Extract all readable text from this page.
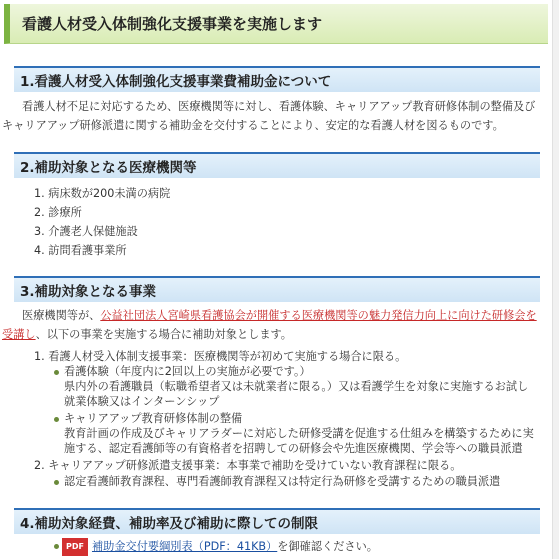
看護人材受入体制強化支援事業を実施します
1.看護人材受入体制強化支援事業費補助金について

看護人材不足に対応するため、医療機関等に対し、看護体験、キャリアアップ教育研修体制の整備及び
キャリアアップ研修派遣に関する補助金を交付することにより、安定的な看護人材を図るものです。

2.補助対象となる医療機関等
1. 病床数が200未満の病院
2. 診療所
3. 介護老人保健施設
4. 訪問看護事業所
3.補助対象となる事業

医療機関等が、公益社団法人宮崎県看護協会が開催する医療機関等の魅力発信力向上に向けた研修会を
受講し、以下の事業を実施する場合に補助対象とします。

1. 看護人材受入体制支援事業：医療機関等が初めて実施する場合に限る。
看護体験（年度内に2回以上の実施が必要です。）
県内外の看護職員（転職希望者又は未就業者に限る。）又は看護学生を対象に実施するお試し
就業体験又はインターンシップ
キャリアアップ教育研修体制の整備
教育計画の作成及びキャリアラダーに対応した研修受講を促進する仕組みを構築するために実
施する、認定看護師等の有資格者を招聘しての研修会や先進医療機関、学会等への職員派遣
2. キャリアアップ研修派遣支援事業：本事業で補助を受けていない教育課程に限る。
認定看護師教育課程、専門看護師教育課程又は特定行為研修を受講するための職員派遣
4.補助対象経費、補助率及び補助に際しての制限
PDF 補助金交付要綱別表（PDF：41KB）を御確認ください。
